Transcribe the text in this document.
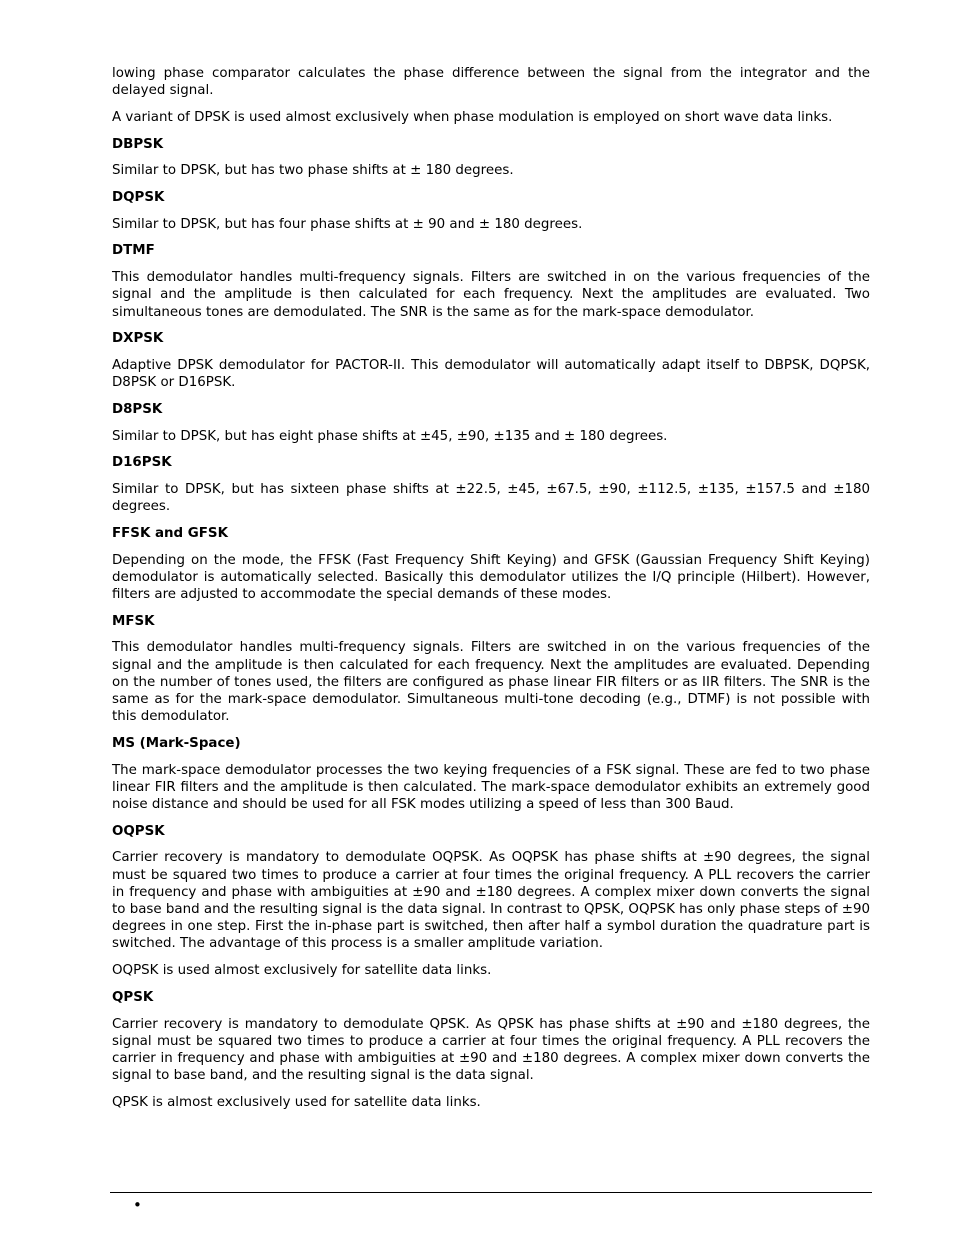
lowing phase comparator calculates the phase difference between the signal from the integrator and the delayed signal.

A variant of DPSK is used almost exclusively when phase modulation is employed on short wave data links.

DBPSK

Similar to DPSK, but has two phase shifts at ± 180 degrees.

DQPSK

Similar to DPSK, but has four phase shifts at ± 90 and ± 180 degrees.

DTMF

This demodulator handles multi-frequency signals. Filters are switched in on the various frequencies of the signal and the amplitude is then calculated for each frequency. Next the amplitudes are evaluated. Two simultaneous tones are demodulated. The SNR is the same as for the mark-space demodulator.

DXPSK

Adaptive DPSK demodulator for PACTOR-II. This demodulator will automatically adapt itself to DBPSK, DQPSK, D8PSK or D16PSK.

D8PSK

Similar to DPSK, but has eight phase shifts at ±45, ±90, ±135 and ± 180 degrees.

D16PSK

Similar to DPSK, but has sixteen phase shifts at ±22.5, ±45, ±67.5, ±90, ±112.5, ±135, ±157.5 and ±180 degrees.

FFSK and GFSK

Depending on the mode, the FFSK (Fast Frequency Shift Keying) and GFSK (Gaussian Frequency Shift Keying) demodulator is automatically selected. Basically this demodulator utilizes the I/Q principle (Hilbert). However, filters are adjusted to accommodate the special demands of these modes.

MFSK

This demodulator handles multi-frequency signals. Filters are switched in on the various frequencies of the signal and the amplitude is then calculated for each frequency. Next the amplitudes are evaluated. Depending on the number of tones used, the filters are configured as phase linear FIR filters or as IIR filters. The SNR is the same as for the mark-space demodulator. Simultaneous multi-tone decoding (e.g., DTMF) is not possible with this demodulator.

MS (Mark-Space)

The mark-space demodulator processes the two keying frequencies of a FSK signal. These are fed to two phase linear FIR filters and the amplitude is then calculated. The mark-space demodulator exhibits an extremely good noise distance and should be used for all FSK modes utilizing a speed of less than 300 Baud.

OQPSK

Carrier recovery is mandatory to demodulate OQPSK. As OQPSK has phase shifts at ±90 degrees, the signal must be squared two times to produce a carrier at four times the original frequency. A PLL recovers the carrier in frequency and phase with ambiguities at ±90 and ±180 degrees. A complex mixer down converts the signal to base band and the resulting signal is the data signal. In contrast to QPSK, OQPSK has only phase steps of ±90 degrees in one step. First the in-phase part is switched, then after half a symbol duration the quadrature part is switched. The advantage of this process is a smaller amplitude variation.

OQPSK is used almost exclusively for satellite data links.

QPSK

Carrier recovery is mandatory to demodulate QPSK. As QPSK has phase shifts at ±90 and ±180 degrees, the signal must be squared two times to produce a carrier at four times the original frequency. A PLL recovers the carrier in frequency and phase with ambiguities at ±90 and ±180 degrees. A complex mixer down converts the signal to base band, and the resulting signal is the data signal.

QPSK is almost exclusively used for satellite data links.

•
